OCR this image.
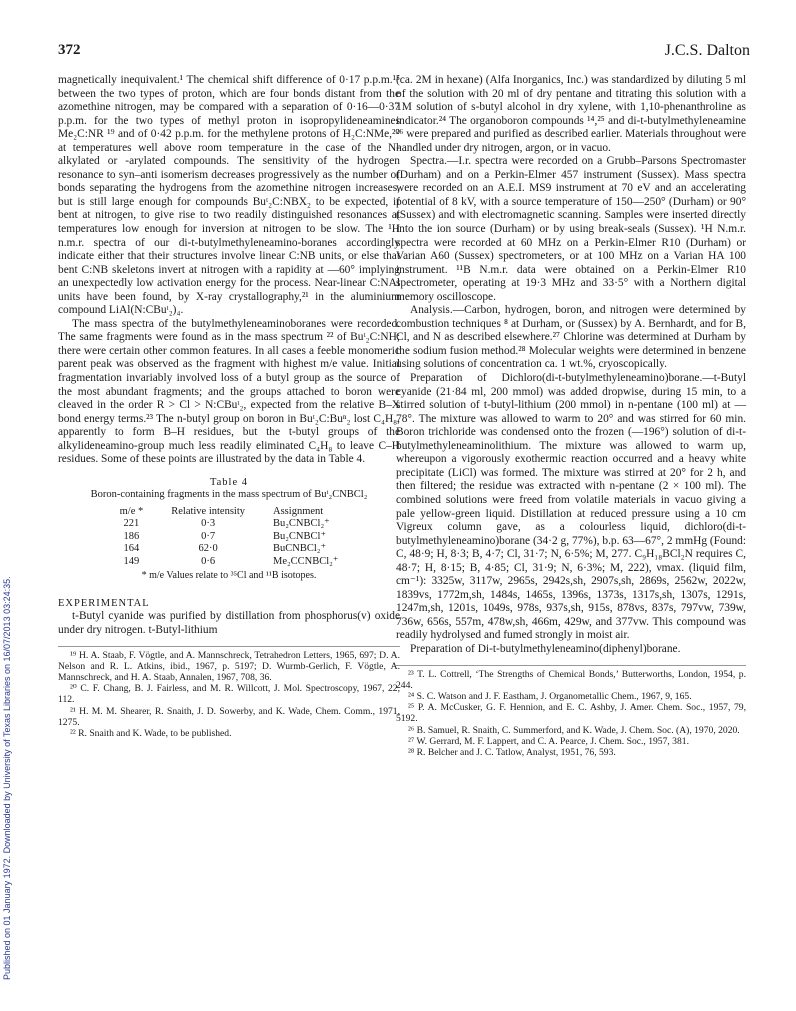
Published on 01 January 1972. Downloaded by University of Texas Libraries on 16/07/2013 03:24:35.
372	J.C.S. Dalton

magnetically inequivalent.¹ The chemical shift difference of 0·17 p.p.m.¹⁵ between the two types of proton, which are four bonds distant from the azomethine nitrogen, may be compared with a separation of 0·16—0·37 p.p.m. for the two types of methyl proton in isopropylideneamines Me₂C:NR ¹⁹ and of 0·42 p.p.m. for the methylene protons of H₂C:NMe,²⁰ at temperatures well above room temperature in the case of the N-alkylated or -arylated compounds. The sensitivity of the hydrogen resonance to syn–anti isomerism decreases progressively as the number of bonds separating the hydrogens from the azomethine nitrogen increases, but is still large enough for compounds Buᵗ₂C:NBX₂ to be expected, if bent at nitrogen, to give rise to two readily distinguished resonances at temperatures low enough for inversion at nitrogen to be slow. The ¹H n.m.r. spectra of our di-t-butylmethyleneamino-boranes accordingly indicate either that their structures involve linear C:NB units, or else that bent C:NB skeletons invert at nitrogen with a rapidity at —60° implying an unexpectedly low activation energy for the process. Near-linear C:NAl units have been found, by X-ray crystallography,²¹ in the aluminium compound LiAl(N:CBuᵗ₂)₄.

The mass spectra of the butylmethyleneaminoboranes were recorded. The same fragments were found as in the mass spectrum ²² of Buᵗ₂C:NH; there were certain other common features. In all cases a feeble monomeric parent peak was observed as the fragment with highest m/e value. Initial fragmentation invariably involved loss of a butyl group as the source of the most abundant fragments; and the groups attached to boron were cleaved in the order R > Cl > N:CBuᵗ₂, expected from the relative B–X bond energy terms.²³ The n-butyl group on boron in Buᵗ₂C:Buⁿ₂ lost C₄H₈, apparently to form B–H residues, but the t-butyl groups of the alkylideneamino-group much less readily eliminated C₄H₈ to leave C–H residues. Some of these points are illustrated by the data in Table 4.

Table 4
Boron-containing fragments in the mass spectrum of Buᵗ₂CNBCl₂
m/e *	Relative intensity	Assignment
221	0·3	Bu₂CNBCl₂⁺
186	0·7	Bu₂CNBCl⁺
164	62·0	BuCNBCl₂⁺
149	0·6	Me₂CCNBCl₂⁺
* m/e Values relate to ³⁵Cl and ¹¹B isotopes.
EXPERIMENTAL

t-Butyl cyanide was purified by distillation from phosphorus(v) oxide under dry nitrogen. t-Butyl-lithium

¹⁹ H. A. Staab, F. Vögtle, and A. Mannschreck, Tetrahedron Letters, 1965, 697; D. A. Nelson and R. L. Atkins, ibid., 1967, p. 5197; D. Wurmb-Gerlich, F. Vögtle, A. Mannschreck, and H. A. Staab, Annalen, 1967, 708, 36.
²⁰ C. F. Chang, B. J. Fairless, and M. R. Willcott, J. Mol. Spectroscopy, 1967, 22, 112.
²¹ H. M. M. Shearer, R. Snaith, J. D. Sowerby, and K. Wade, Chem. Comm., 1971, 1275.
²² R. Snaith and K. Wade, to be published.

(ca. 2M in hexane) (Alfa Inorganics, Inc.) was standardized by diluting 5 ml of the solution with 20 ml of dry pentane and titrating this solution with a 1M solution of s-butyl alcohol in dry xylene, with 1,10-phenanthroline as indicator.²⁴ The organoboron compounds ¹⁴,²⁵ and di-t-butylmethyleneamine ²⁶ were prepared and purified as described earlier. Materials throughout were handled under dry nitrogen, argon, or in vacuo.

Spectra.—I.r. spectra were recorded on a Grubb–Parsons Spectromaster (Durham) and on a Perkin-Elmer 457 instrument (Sussex). Mass spectra were recorded on an A.E.I. MS9 instrument at 70 eV and an accelerating potential of 8 kV, with a source temperature of 150—250° (Durham) or 90° (Sussex) and with electromagnetic scanning. Samples were inserted directly into the ion source (Durham) or by using break-seals (Sussex). ¹H N.m.r. spectra were recorded at 60 MHz on a Perkin-Elmer R10 (Durham) or Varian A60 (Sussex) spectrometers, or at 100 MHz on a Varian HA 100 instrument. ¹¹B N.m.r. data were obtained on a Perkin-Elmer R10 spectrometer, operating at 19·3 MHz and 33·5° with a Northern digital memory oscilloscope.

Analysis.—Carbon, hydrogen, boron, and nitrogen were determined by combustion techniques ⁸ at Durham, or (Sussex) by A. Bernhardt, and for B, Cl, and N as described elsewhere.²⁷ Chlorine was determined at Durham by the sodium fusion method.²⁸ Molecular weights were determined in benzene using solutions of concentration ca. 1 wt.%, cryoscopically.

Preparation of Dichloro(di-t-butylmethyleneamino)borane.—t-Butyl cyanide (21·84 ml, 200 mmol) was added dropwise, during 15 min, to a stirred solution of t-butyl-lithium (200 mmol) in n-pentane (100 ml) at —78°. The mixture was allowed to warm to 20° and was stirred for 60 min. Boron trichloride was condensed onto the frozen (—196°) solution of di-t-butylmethyleneaminolithium. The mixture was allowed to warm up, whereupon a vigorously exothermic reaction occurred and a heavy white precipitate (LiCl) was formed. The mixture was stirred at 20° for 2 h, and then filtered; the residue was extracted with n-pentane (2 × 100 ml). The combined solutions were freed from volatile materials in vacuo giving a pale yellow-green liquid. Distillation at reduced pressure using a 10 cm Vigreux column gave, as a colourless liquid, dichloro(di-t-butylmethyleneamino)borane (34·2 g, 77%), b.p. 63—67°, 2 mmHg (Found: C, 48·9; H, 8·3; B, 4·7; Cl, 31·7; N, 6·5%; M, 277. C₉H₁₈BCl₂N requires C, 48·7; H, 8·15; B, 4·85; Cl, 31·9; N, 6·3%; M, 222), νmax. (liquid film, cm⁻¹): 3325w, 3117w, 2965s, 2942s,sh, 2907s,sh, 2869s, 2562w, 2022w, 1839vs, 1772m,sh, 1484s, 1465s, 1396s, 1373s, 1317s,sh, 1307s, 1291s, 1247m,sh, 1201s, 1049s, 978s, 937s,sh, 915s, 878vs, 837s, 797vw, 739w, 736w, 656s, 557m, 478w,sh, 466m, 429w, and 377vw. This compound was readily hydrolysed and fumed strongly in moist air.

Preparation of Di-t-butylmethyleneamino(diphenyl)borane.

²³ T. L. Cottrell, ‘The Strengths of Chemical Bonds,’ Butterworths, London, 1954, p. 244.
²⁴ S. C. Watson and J. F. Eastham, J. Organometallic Chem., 1967, 9, 165.
²⁵ P. A. McCusker, G. F. Hennion, and E. C. Ashby, J. Amer. Chem. Soc., 1957, 79, 5192.
²⁶ B. Samuel, R. Snaith, C. Summerford, and K. Wade, J. Chem. Soc. (A), 1970, 2020.
²⁷ W. Gerrard, M. F. Lappert, and C. A. Pearce, J. Chem. Soc., 1957, 381.
²⁸ R. Belcher and J. C. Tatlow, Analyst, 1951, 76, 593.
